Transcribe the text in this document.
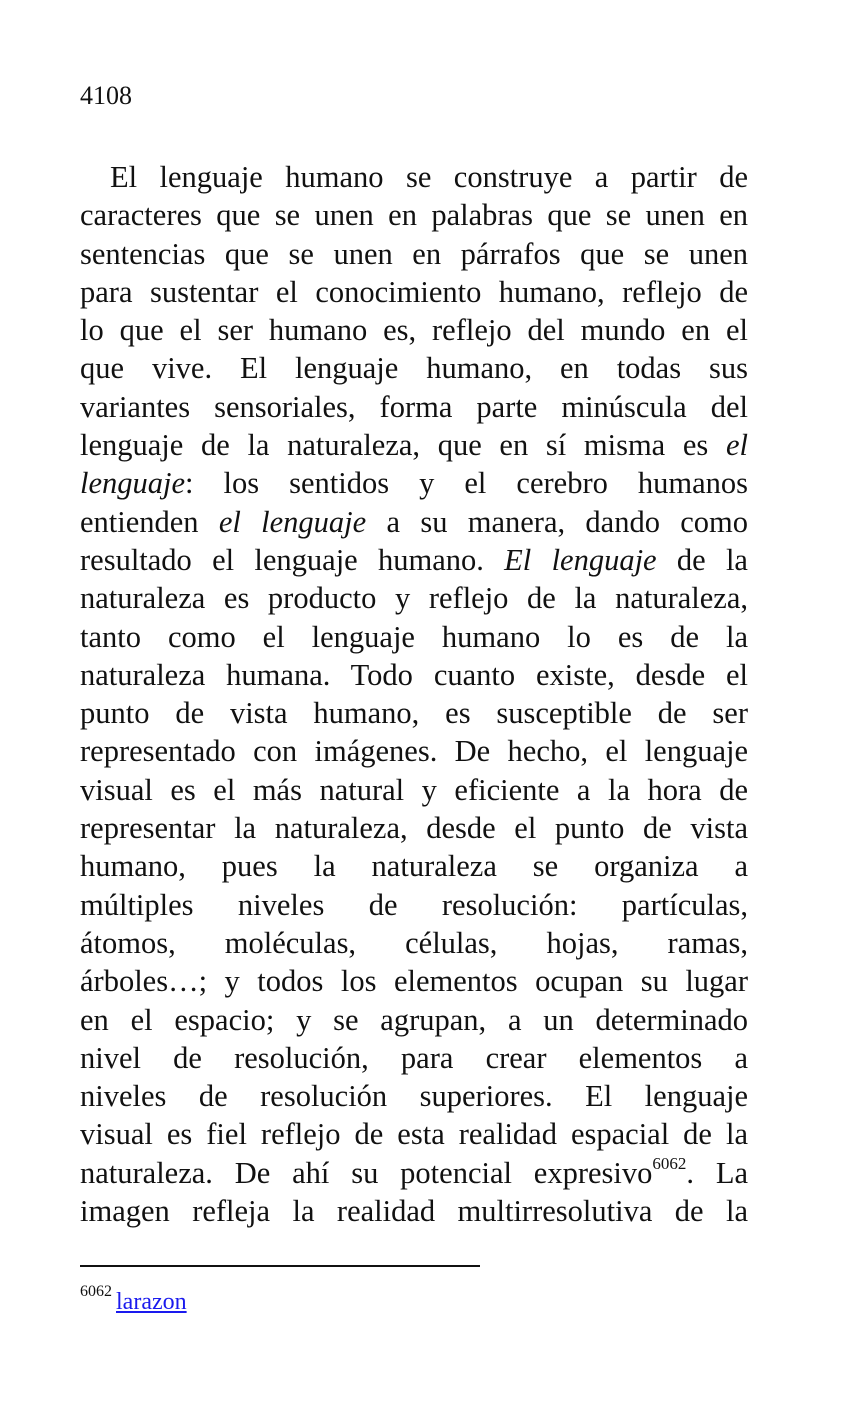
4108
El lenguaje humano se construye a partir de
caracteres que se unen en palabras que se unen en
sentencias que se unen en párrafos que se unen
para sustentar el conocimiento humano, reflejo de
lo que el ser humano es, reflejo del mundo en el
que vive. El lenguaje humano, en todas sus
variantes sensoriales, forma parte minúscula del
lenguaje de la naturaleza, que en sí misma es el
lenguaje: los sentidos y el cerebro humanos
entienden el lenguaje a su manera, dando como
resultado el lenguaje humano. El lenguaje de la
naturaleza es producto y reflejo de la naturaleza,
tanto como el lenguaje humano lo es de la
naturaleza humana. Todo cuanto existe, desde el
punto de vista humano, es susceptible de ser
representado con imágenes. De hecho, el lenguaje
visual es el más natural y eficiente a la hora de
representar la naturaleza, desde el punto de vista
humano, pues la naturaleza se organiza a
múltiples niveles de resolución: partículas,
átomos, moléculas, células, hojas, ramas,
árboles…; y todos los elementos ocupan su lugar
en el espacio; y se agrupan, a un determinado
nivel de resolución, para crear elementos a
niveles de resolución superiores. El lenguaje
visual es fiel reflejo de esta realidad espacial de la
naturaleza. De ahí su potencial expresivo$^{6062}$. La
imagen refleja la realidad multirresolutiva de la
$^{6062}$ larazon
